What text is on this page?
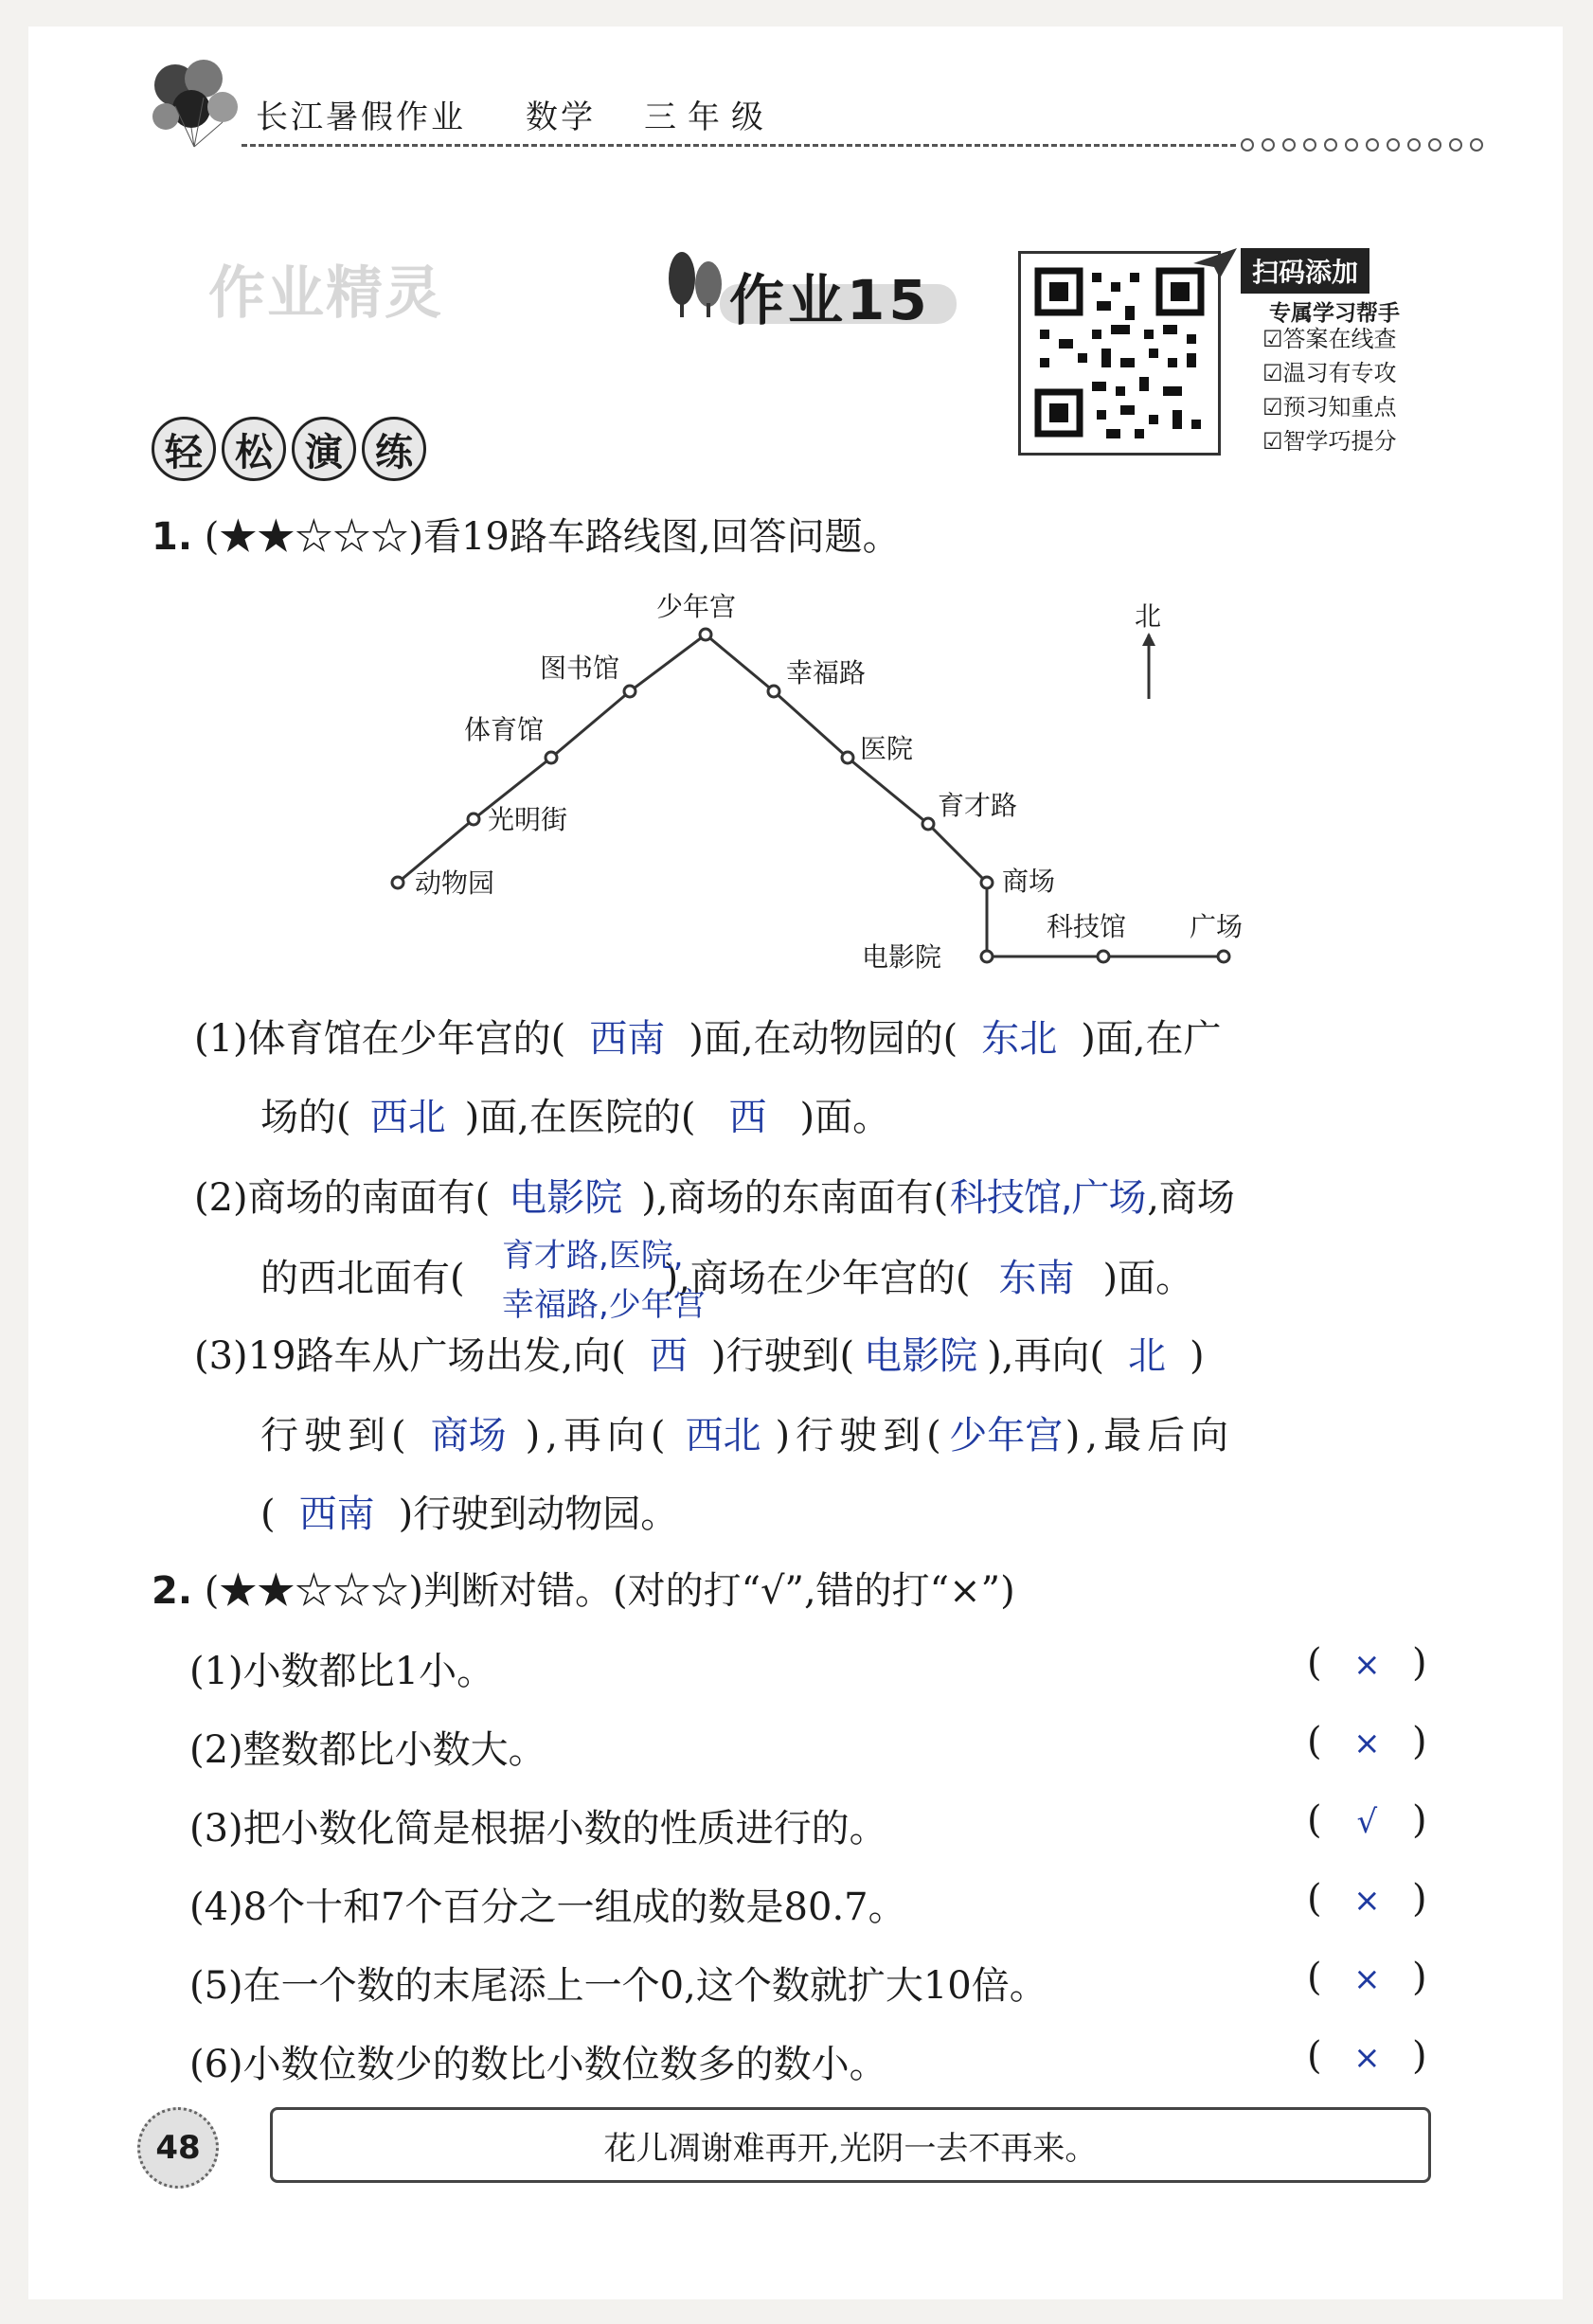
长江暑假作业 数学 三年级
作业精灵	作业15	扫码添加
专属学习帮手
☑ 答案在线查
☑ 温习有专攻
☑ 预习知重点
☑ 智学巧提分
轻 松 演 练
1. (★★☆☆☆)看19路车路线图,回答问题。
少年宫
图书馆
体育馆
光明街
动物园
幸福路
医院
育才路
商场
电影院
科技馆 广场
北
(1)体育馆在少年宫的( 西南 )面,在动物园的( 东北 )面,在广
场的( 西北 )面,在医院的( 西 )面。
(2)商场的南面有( 电影院 ),商场的东南面有(科技馆,广场,商场
的西北面有(	),商场在少年宫的( 东南 )面。
育才路,医院,
幸福路,少年宫
(3)19路车从广场出发,向( 西 )行驶到( 电影院 ),再向( 北 )
行驶到( 商场 ),再向( 西北 )行驶到(少年宫),最后向
( 西南 )行驶到动物园。
2. (★★☆☆☆)判断对错。(对的打“√”,错的打“×”)
(1)小数都比1小。	( × )
(2)整数都比小数大。	( × )
(3)把小数化简是根据小数的性质进行的。	( √ )
(4)8个十和7个百分之一组成的数是80.7。	( × )
(5)在一个数的末尾添上一个0,这个数就扩大10倍。	( × )
(6)小数位数少的数比小数位数多的数小。	( × )
48	花儿凋谢难再开,光阴一去不再来。
